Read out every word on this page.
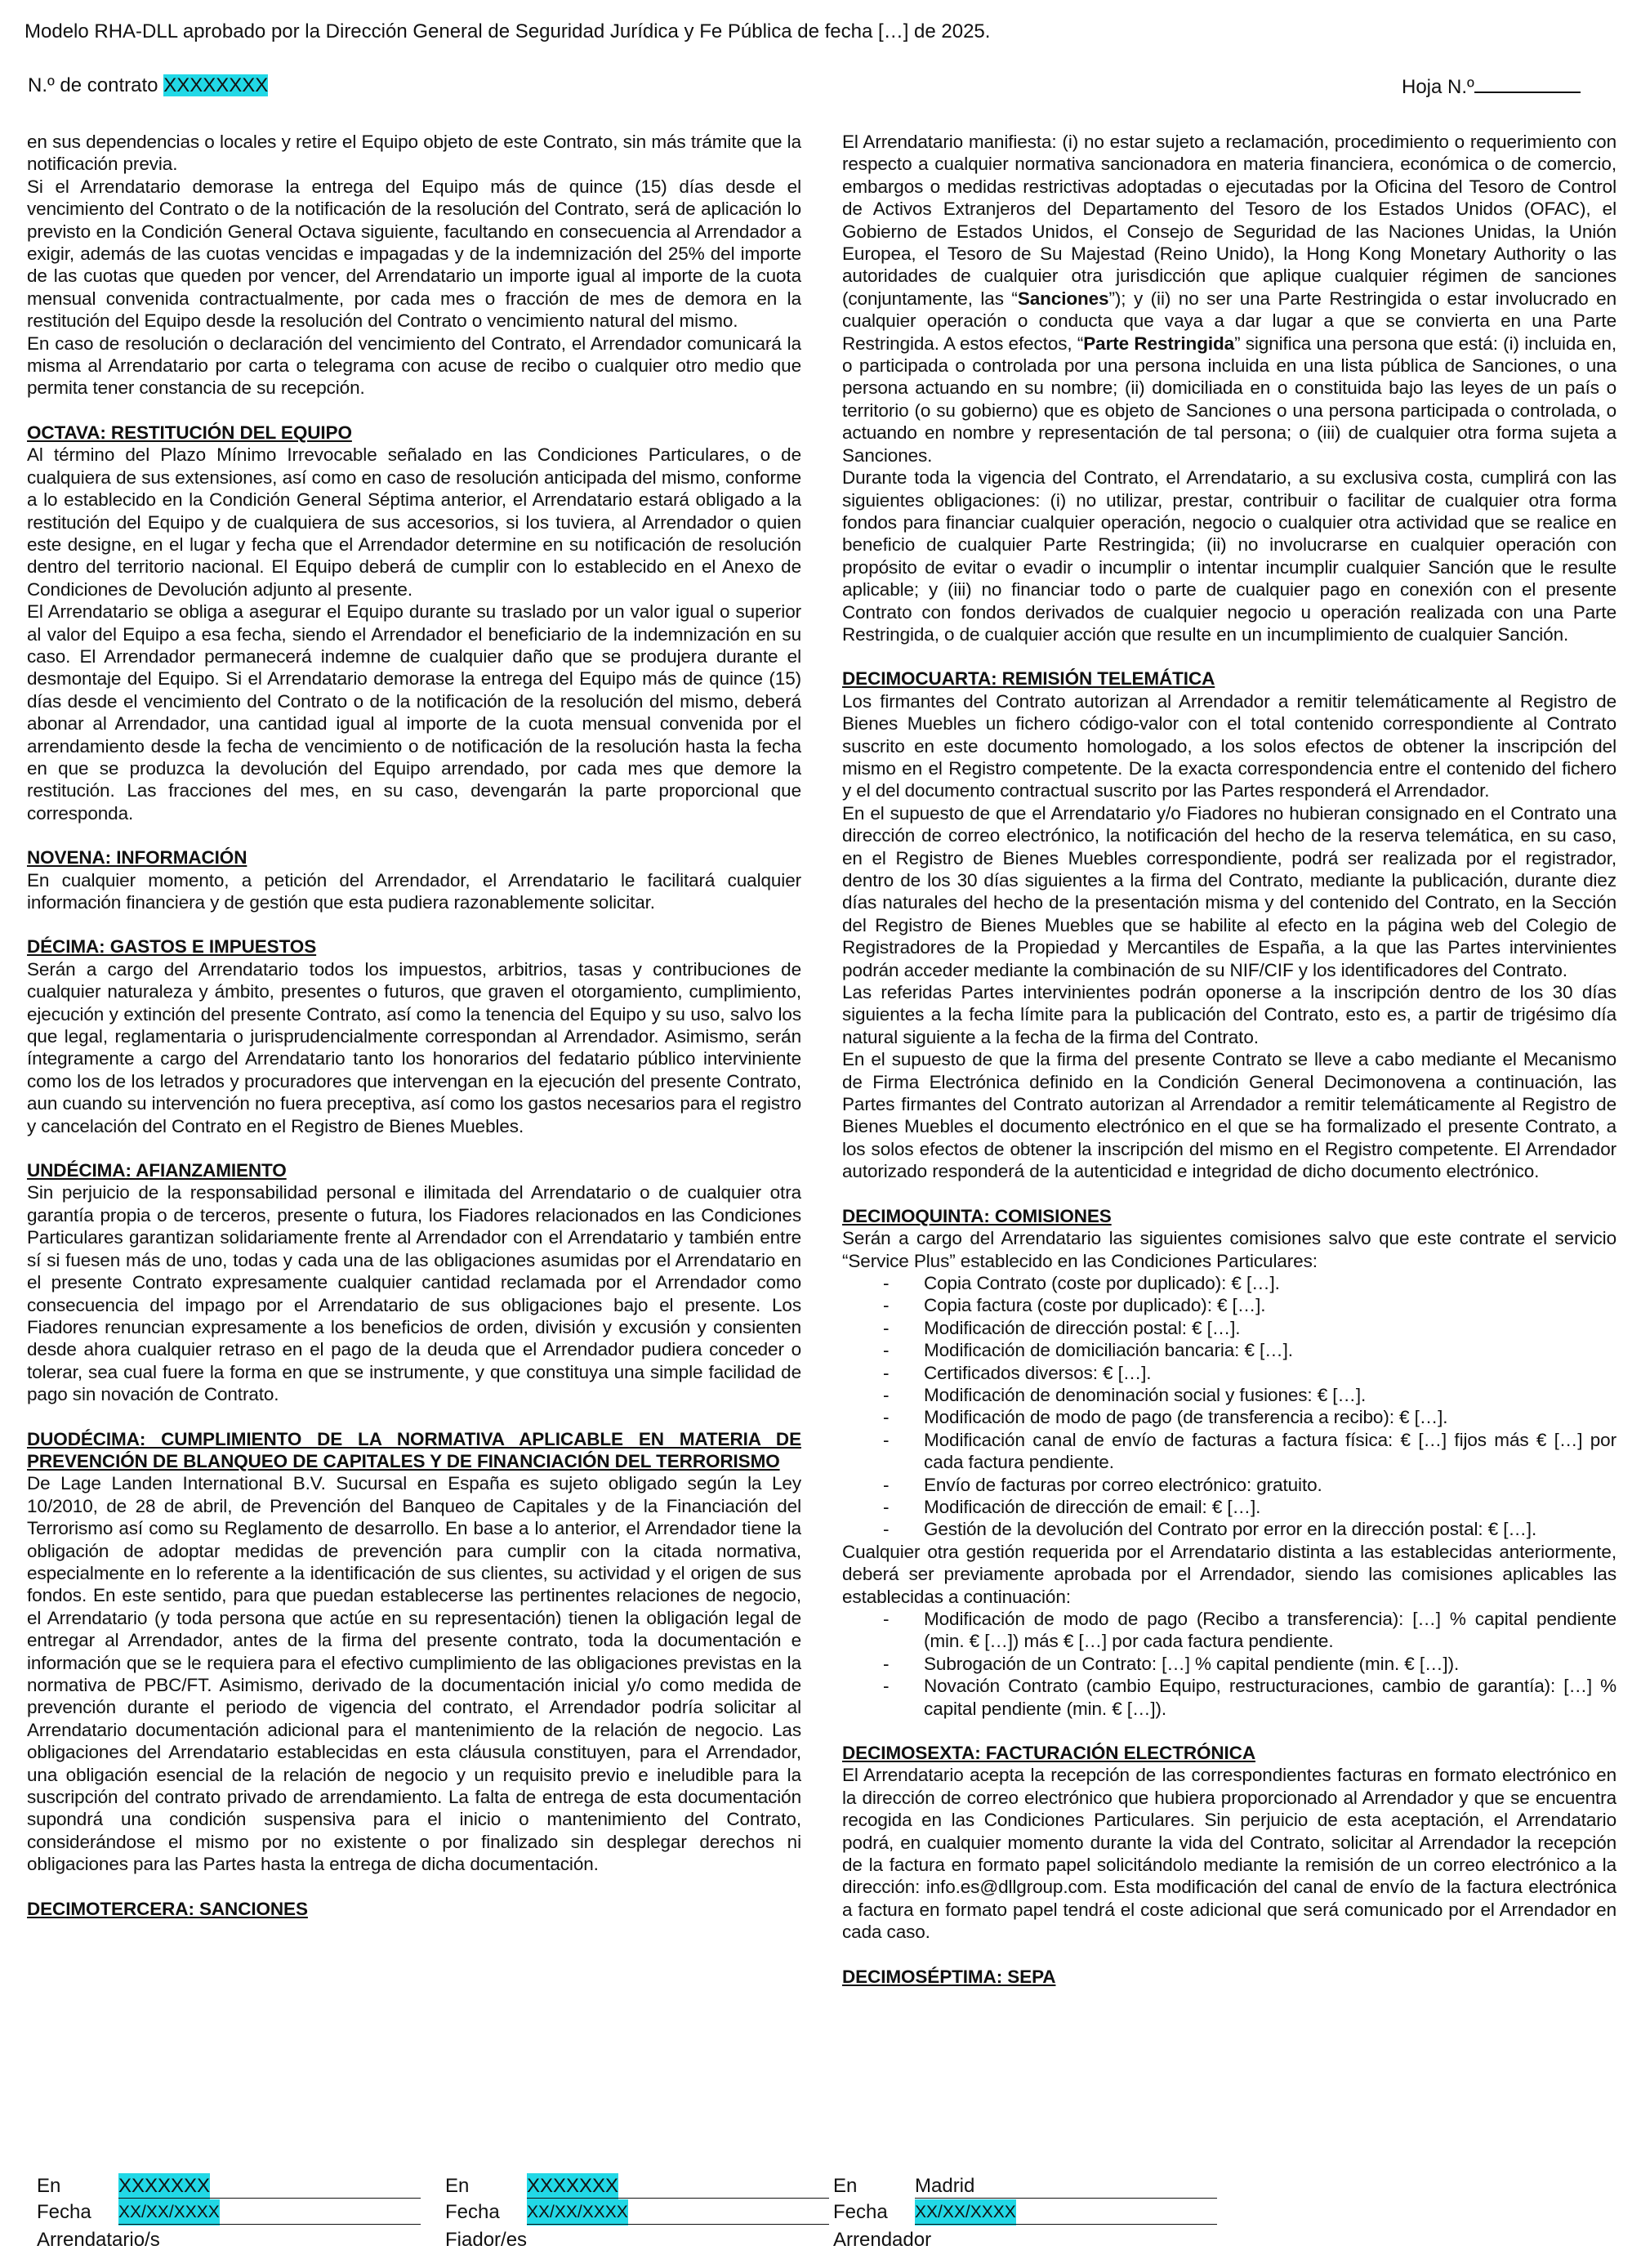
Modelo RHA-DLL aprobado por la Dirección General de Seguridad Jurídica y Fe Pública de fecha […] de 2025.
N.º de contrato XXXXXXXX	Hoja N.º

en sus dependencias o locales y retire el Equipo objeto de este Contrato, sin más trámite que la notificación previa.

Si el Arrendatario demorase la entrega del Equipo más de quince (15) días desde el vencimiento del Contrato o de la notificación de la resolución del Contrato, será de aplicación lo previsto en la Condición General Octava siguiente, facultando en consecuencia al Arrendador a exigir, además de las cuotas vencidas e impagadas y de la indemnización del 25% del importe de las cuotas que queden por vencer, del Arrendatario un importe igual al importe de la cuota mensual convenida contractualmente, por cada mes o fracción de mes de demora en la restitución del Equipo desde la resolución del Contrato o vencimiento natural del mismo.

En caso de resolución o declaración del vencimiento del Contrato, el Arrendador comunicará la misma al Arrendatario por carta o telegrama con acuse de recibo o cualquier otro medio que permita tener constancia de su recepción.

OCTAVA: RESTITUCIÓN DEL EQUIPO

Al término del Plazo Mínimo Irrevocable señalado en las Condiciones Particulares, o de cualquiera de sus extensiones, así como en caso de resolución anticipada del mismo, conforme a lo establecido en la Condición General Séptima anterior, el Arrendatario estará obligado a la restitución del Equipo y de cualquiera de sus accesorios, si los tuviera, al Arrendador o quien este designe, en el lugar y fecha que el Arrendador determine en su notificación de resolución dentro del territorio nacional. El Equipo deberá de cumplir con lo establecido en el Anexo de Condiciones de Devolución adjunto al presente.

El Arrendatario se obliga a asegurar el Equipo durante su traslado por un valor igual o superior al valor del Equipo a esa fecha, siendo el Arrendador el beneficiario de la indemnización en su caso. El Arrendador permanecerá indemne de cualquier daño que se produjera durante el desmontaje del Equipo. Si el Arrendatario demorase la entrega del Equipo más de quince (15) días desde el vencimiento del Contrato o de la notificación de la resolución del mismo, deberá abonar al Arrendador, una cantidad igual al importe de la cuota mensual convenida por el arrendamiento desde la fecha de vencimiento o de notificación de la resolución hasta la fecha en que se produzca la devolución del Equipo arrendado, por cada mes que demore la restitución. Las fracciones del mes, en su caso, devengarán la parte proporcional que corresponda.

NOVENA: INFORMACIÓN

En cualquier momento, a petición del Arrendador, el Arrendatario le facilitará cualquier información financiera y de gestión que esta pudiera razonablemente solicitar.

DÉCIMA: GASTOS E IMPUESTOS

Serán a cargo del Arrendatario todos los impuestos, arbitrios, tasas y contribuciones de cualquier naturaleza y ámbito, presentes o futuros, que graven el otorgamiento, cumplimiento, ejecución y extinción del presente Contrato, así como la tenencia del Equipo y su uso, salvo los que legal, reglamentaria o jurisprudencialmente correspondan al Arrendador. Asimismo, serán íntegramente a cargo del Arrendatario tanto los honorarios del fedatario público interviniente como los de los letrados y procuradores que intervengan en la ejecución del presente Contrato, aun cuando su intervención no fuera preceptiva, así como los gastos necesarios para el registro y cancelación del Contrato en el Registro de Bienes Muebles.

UNDÉCIMA: AFIANZAMIENTO

Sin perjuicio de la responsabilidad personal e ilimitada del Arrendatario o de cualquier otra garantía propia o de terceros, presente o futura, los Fiadores relacionados en las Condiciones Particulares garantizan solidariamente frente al Arrendador con el Arrendatario y también entre sí si fuesen más de uno, todas y cada una de las obligaciones asumidas por el Arrendatario en el presente Contrato expresamente cualquier cantidad reclamada por el Arrendador como consecuencia del impago por el Arrendatario de sus obligaciones bajo el presente. Los Fiadores renuncian expresamente a los beneficios de orden, división y excusión y consienten desde ahora cualquier retraso en el pago de la deuda que el Arrendador pudiera conceder o tolerar, sea cual fuere la forma en que se instrumente, y que constituya una simple facilidad de pago sin novación de Contrato.

DUODÉCIMA: CUMPLIMIENTO DE LA NORMATIVA APLICABLE EN MATERIA DE PREVENCIÓN DE BLANQUEO DE CAPITALES Y DE FINANCIACIÓN DEL TERRORISMO

De Lage Landen International B.V. Sucursal en España es sujeto obligado según la Ley 10/2010, de 28 de abril, de Prevención del Banqueo de Capitales y de la Financiación del Terrorismo así como su Reglamento de desarrollo. En base a lo anterior, el Arrendador tiene la obligación de adoptar medidas de prevención para cumplir con la citada normativa, especialmente en lo referente a la identificación de sus clientes, su actividad y el origen de sus fondos. En este sentido, para que puedan establecerse las pertinentes relaciones de negocio, el Arrendatario (y toda persona que actúe en su representación) tienen la obligación legal de entregar al Arrendador, antes de la firma del presente contrato, toda la documentación e información que se le requiera para el efectivo cumplimiento de las obligaciones previstas en la normativa de PBC/FT. Asimismo, derivado de la documentación inicial y/o como medida de prevención durante el periodo de vigencia del contrato, el Arrendador podría solicitar al Arrendatario documentación adicional para el mantenimiento de la relación de negocio. Las obligaciones del Arrendatario establecidas en esta cláusula constituyen, para el Arrendador, una obligación esencial de la relación de negocio y un requisito previo e ineludible para la suscripción del contrato privado de arrendamiento. La falta de entrega de esta documentación supondrá una condición suspensiva para el inicio o mantenimiento del Contrato, considerándose el mismo por no existente o por finalizado sin desplegar derechos ni obligaciones para las Partes hasta la entrega de dicha documentación.

DECIMOTERCERA: SANCIONES

El Arrendatario manifiesta: (i) no estar sujeto a reclamación, procedimiento o requerimiento con respecto a cualquier normativa sancionadora en materia financiera, económica o de comercio, embargos o medidas restrictivas adoptadas o ejecutadas por la Oficina del Tesoro de Control de Activos Extranjeros del Departamento del Tesoro de los Estados Unidos (OFAC), el Gobierno de Estados Unidos, el Consejo de Seguridad de las Naciones Unidas, la Unión Europea, el Tesoro de Su Majestad (Reino Unido), la Hong Kong Monetary Authority o las autoridades de cualquier otra jurisdicción que aplique cualquier régimen de sanciones (conjuntamente, las “Sanciones”); y (ii) no ser una Parte Restringida o estar involucrado en cualquier operación o conducta que vaya a dar lugar a que se convierta en una Parte Restringida. A estos efectos, “Parte Restringida” significa una persona que está: (i) incluida en, o participada o controlada por una persona incluida en una lista pública de Sanciones, o una persona actuando en su nombre; (ii) domiciliada en o constituida bajo las leyes de un país o territorio (o su gobierno) que es objeto de Sanciones o una persona participada o controlada, o actuando en nombre y representación de tal persona; o (iii) de cualquier otra forma sujeta a Sanciones.

Durante toda la vigencia del Contrato, el Arrendatario, a su exclusiva costa, cumplirá con las siguientes obligaciones: (i) no utilizar, prestar, contribuir o facilitar de cualquier otra forma fondos para financiar cualquier operación, negocio o cualquier otra actividad que se realice en beneficio de cualquier Parte Restringida; (ii) no involucrarse en cualquier operación con propósito de evitar o evadir o incumplir o intentar incumplir cualquier Sanción que le resulte aplicable; y (iii) no financiar todo o parte de cualquier pago en conexión con el presente Contrato con fondos derivados de cualquier negocio u operación realizada con una Parte Restringida, o de cualquier acción que resulte en un incumplimiento de cualquier Sanción.

DECIMOCUARTA: REMISIÓN TELEMÁTICA

Los firmantes del Contrato autorizan al Arrendador a remitir telemáticamente al Registro de Bienes Muebles un fichero código-valor con el total contenido correspondiente al Contrato suscrito en este documento homologado, a los solos efectos de obtener la inscripción del mismo en el Registro competente. De la exacta correspondencia entre el contenido del fichero y el del documento contractual suscrito por las Partes responderá el Arrendador.

En el supuesto de que el Arrendatario y/o Fiadores no hubieran consignado en el Contrato una dirección de correo electrónico, la notificación del hecho de la reserva telemática, en su caso, en el Registro de Bienes Muebles correspondiente, podrá ser realizada por el registrador, dentro de los 30 días siguientes a la firma del Contrato, mediante la publicación, durante diez días naturales del hecho de la presentación misma y del contenido del Contrato, en la Sección del Registro de Bienes Muebles que se habilite al efecto en la página web del Colegio de Registradores de la Propiedad y Mercantiles de España, a la que las Partes intervinientes podrán acceder mediante la combinación de su NIF/CIF y los identificadores del Contrato.

Las referidas Partes intervinientes podrán oponerse a la inscripción dentro de los 30 días siguientes a la fecha límite para la publicación del Contrato, esto es, a partir de trigésimo día natural siguiente a la fecha de la firma del Contrato.

En el supuesto de que la firma del presente Contrato se lleve a cabo mediante el Mecanismo de Firma Electrónica definido en la Condición General Decimonovena a continuación, las Partes firmantes del Contrato autorizan al Arrendador a remitir telemáticamente al Registro de Bienes Muebles el documento electrónico en el que se ha formalizado el presente Contrato, a los solos efectos de obtener la inscripción del mismo en el Registro competente. El Arrendador autorizado responderá de la autenticidad e integridad de dicho documento electrónico.

DECIMOQUINTA: COMISIONES

Serán a cargo del Arrendatario las siguientes comisiones salvo que este contrate el servicio “Service Plus” establecido en las Condiciones Particulares:

- Copia Contrato (coste por duplicado): € […].
- Copia factura (coste por duplicado): € […].
- Modificación de dirección postal: € […].
- Modificación de domiciliación bancaria: € […].
- Certificados diversos: € […].
- Modificación de denominación social y fusiones: € […].
- Modificación de modo de pago (de transferencia a recibo): € […].
- Modificación canal de envío de facturas a factura física: € […] fijos más € […] por cada factura pendiente.
- Envío de facturas por correo electrónico: gratuito.
- Modificación de dirección de email: € […].
- Gestión de la devolución del Contrato por error en la dirección postal: € […].

Cualquier otra gestión requerida por el Arrendatario distinta a las establecidas anteriormente, deberá ser previamente aprobada por el Arrendador, siendo las comisiones aplicables las establecidas a continuación:

- Modificación de modo de pago (Recibo a transferencia): […] % capital pendiente (min. € […]) más € […] por cada factura pendiente.
- Subrogación de un Contrato: […] % capital pendiente (min. € […]).
- Novación Contrato (cambio Equipo, restructuraciones, cambio de garantía): […] % capital pendiente (min. € […]).
DECIMOSEXTA: FACTURACIÓN ELECTRÓNICA

El Arrendatario acepta la recepción de las correspondientes facturas en formato electrónico en la dirección de correo electrónico que hubiera proporcionado al Arrendador y que se encuentra recogida en las Condiciones Particulares. Sin perjuicio de esta aceptación, el Arrendatario podrá, en cualquier momento durante la vida del Contrato, solicitar al Arrendador la recepción de la factura en formato papel solicitándolo mediante la remisión de un correo electrónico a la dirección: info.es@dllgroup.com. Esta modificación del canal de envío de la factura electrónica a factura en formato papel tendrá el coste adicional que será comunicado por el Arrendador en cada caso.

DECIMOSÉPTIMA: SEPA
En	XXXXXXX
Fecha XX/XX/XXXX
Arrendatario/s
En	XXXXXXX
Fecha XX/XX/XXXX
Fiador/es
En	Madrid
Fecha XX/XX/XXXX
Arrendador
